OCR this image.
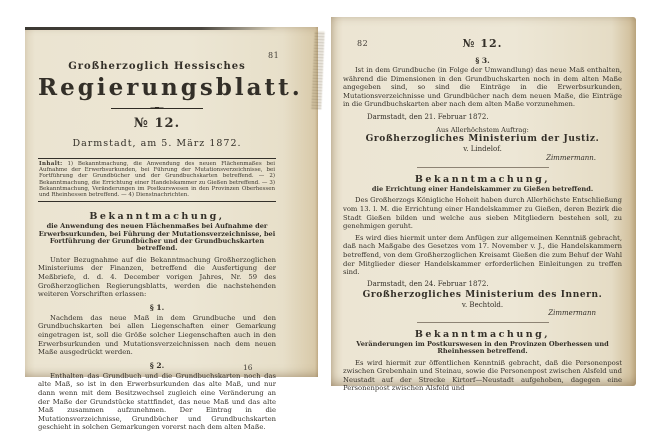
81
Großherzoglich Hessisches
Regierungsblatt.
№ 12.
Darmstadt, am 5. März 1872.
Inhalt: 1) Bekanntmachung, die Anwendung des neuen Flächenmaßes bei Aufnahme der Erwerbsurkunden, bei Führung der Mutationsverzeichnisse, bei Fortführung der Grundbücher und der Grundbuchskarten betreffend. — 2) Bekanntmachung, die Errichtung einer Handelskammer zu Gießen betreffend. — 3) Bekanntmachung, Veränderungen im Postkurswesen in den Provinzen Oberhessen und Rheinhessen betreffend. — 4) Dienstnachrichten.
Bekanntmachung,
die Anwendung des neuen Flächenmaßes bei Aufnahme der Erwerbsurkunden, bei Führung der Mutationsverzeichnisse, bei Fortführung der Grundbücher und der Grundbuchskarten betreffend.
Unter Bezugnahme auf die Bekanntmachung Großherzoglichen Ministeriums der Finanzen, betreffend die Ausfertigung der Meßbriefe, d. d. 4. December vorigen Jahres, Nr. 59 des Großherzoglichen Regierungsblatts, werden die nachstehenden weiteren Vorschriften erlassen:
§ 1.
Nachdem das neue Maß in dem Grundbuche und den Grundbuchskarten bei allen Liegenschaften einer Gemarkung eingetragen ist, soll die Größe solcher Liegenschaften auch in den Erwerbsurkunden und Mutationsverzeichnissen nach dem neuen Maße ausgedrückt werden.
§ 2.
Enthalten das Grundbuch und die Grundbuchskarten noch das alte Maß, so ist in den Erwerbsurkunden das alte Maß, und nur dann wenn mit dem Besitzwechsel zugleich eine Veränderung an der Maße der Grundstücke stattfindet, das neue Maß und das alte Maß zusammen aufzunehmen. Der Eintrag in die Mutationsverzeichnisse, Grundbücher und Grundbuchskarten geschieht in solchen Gemarkungen vorerst nach dem alten Maße.
16
82	№ 12.
§ 3.
Ist in dem Grundbuche (in Folge der Umwandlung) das neue Maß enthalten, während die Dimensionen in den Grundbuchskarten noch in dem alten Maße angegeben sind, so sind die Einträge in die Erwerbsurkunden, Mutationsverzeichnisse und Grundbücher nach dem neuen Maße, die Einträge in die Grundbuchskarten aber nach dem alten Maße vorzunehmen.
Darmstadt, den 21. Februar 1872.
Aus Allerhöchstem Auftrag:
Großherzogliches Ministerium der Justiz.
v. Lindelof.
Zimmermann.
Bekanntmachung,
die Errichtung einer Handelskammer zu Gießen betreffend.
Des Großherzogs Königliche Hoheit haben durch Allerhöchste Entschließung vom 13. l. M. die Errichtung einer Handelskammer zu Gießen, deren Bezirk die Stadt Gießen bilden und welche aus sieben Mitgliedern bestehen soll, zu genehmigen geruht.
Es wird dies hiermit unter dem Anfügen zur allgemeinen Kenntniß gebracht, daß nach Maßgabe des Gesetzes vom 17. November v. J., die Handelskammern betreffend, von dem Großherzoglichen Kreisamt Gießen die zum Behuf der Wahl der Mitglieder dieser Handelskammer erforderlichen Einleitungen zu treffen sind.
Darmstadt, den 24. Februar 1872.
Großherzogliches Ministerium des Innern.
v. Bechtold.
Zimmermann
Bekanntmachung,
Veränderungen im Postkurswesen in den Provinzen Oberhessen und Rheinhessen betreffend.
Es wird hiermit zur öffentlichen Kenntniß gebracht, daß die Personenpost zwischen Grebenhain und Steinau, sowie die Personenpost zwischen Alsfeld und Neustadt auf der Strecke Kirtorf—Neustadt aufgehoben, dagegen eine Personenpost zwischen Alsfeld und
